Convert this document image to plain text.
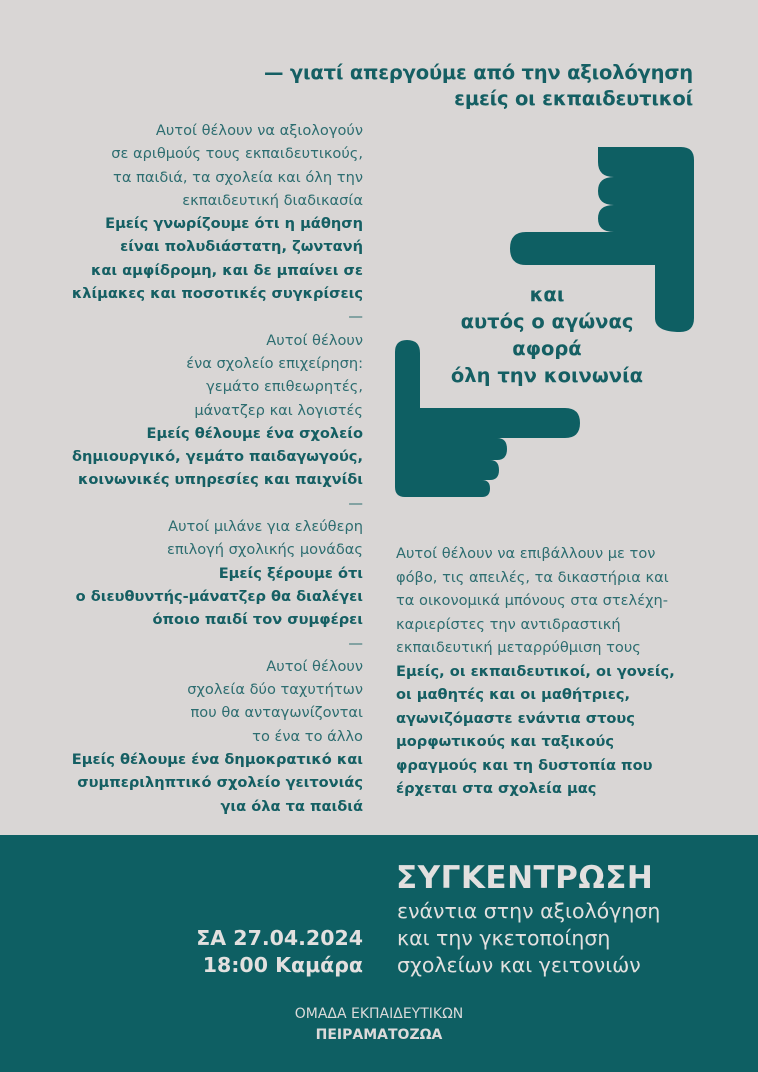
— γιατί απεργούμε από την αξιολόγηση
εμείς οι εκπαιδευτικοί
Αυτοί θέλουν να αξιολογούν
σε αριθμούς τους εκπαιδευτικούς,
τα παιδιά, τα σχολεία και όλη την
εκπαιδευτική διαδικασία
Εμείς γνωρίζουμε ότι η μάθηση
είναι πολυδιάστατη, ζωντανή
και αμφίδρομη, και δε μπαίνει σε
κλίμακες και ποσοτικές συγκρίσεις
—
Αυτοί θέλουν
ένα σχολείο επιχείρηση:
γεμάτο επιθεωρητές,
μάνατζερ και λογιστές
Εμείς θέλουμε ένα σχολείο
δημιουργικό, γεμάτο παιδαγωγούς,
κοινωνικές υπηρεσίες και παιχνίδι
—
Αυτοί μιλάνε για ελεύθερη
επιλογή σχολικής μονάδας
Εμείς ξέρουμε ότι
ο διευθυντής-μάνατζερ θα διαλέγει
όποιο παιδί τον συμφέρει
—
Αυτοί θέλουν
σχολεία δύο ταχυτήτων
που θα ανταγωνίζονται
το ένα το άλλο
Εμείς θέλουμε ένα δημοκρατικό και
συμπεριληπτικό σχολείο γειτονιάς
για όλα τα παιδιά
και
αυτός ο αγώνας
αφορά
όλη την κοινωνία
Αυτοί θέλουν να επιβάλλουν με τον
φόβο, τις απειλές, τα δικαστήρια και
τα οικονομικά μπόνους στα στελέχη-
καριερίστες την αντιδραστική
εκπαιδευτική μεταρρύθμιση τους
Εμείς, οι εκπαιδευτικοί, οι γονείς,
οι μαθητές και οι μαθήτριες,
αγωνιζόμαστε ενάντια στους
μορφωτικούς και ταξικούς
φραγμούς και τη δυστοπία που
έρχεται στα σχολεία μας
ΣΥΓΚΕΝΤΡΩΣΗ
ενάντια στην αξιολόγηση
και την γκετοποίηση
σχολείων και γειτονιών
ΣΑ 27.04.2024
18:00 Καμάρα
ΟΜΑΔΑ ΕΚΠΑΙΔΕΥΤΙΚΩΝ
ΠΕΙΡΑΜΑΤΟΖΩΑ
